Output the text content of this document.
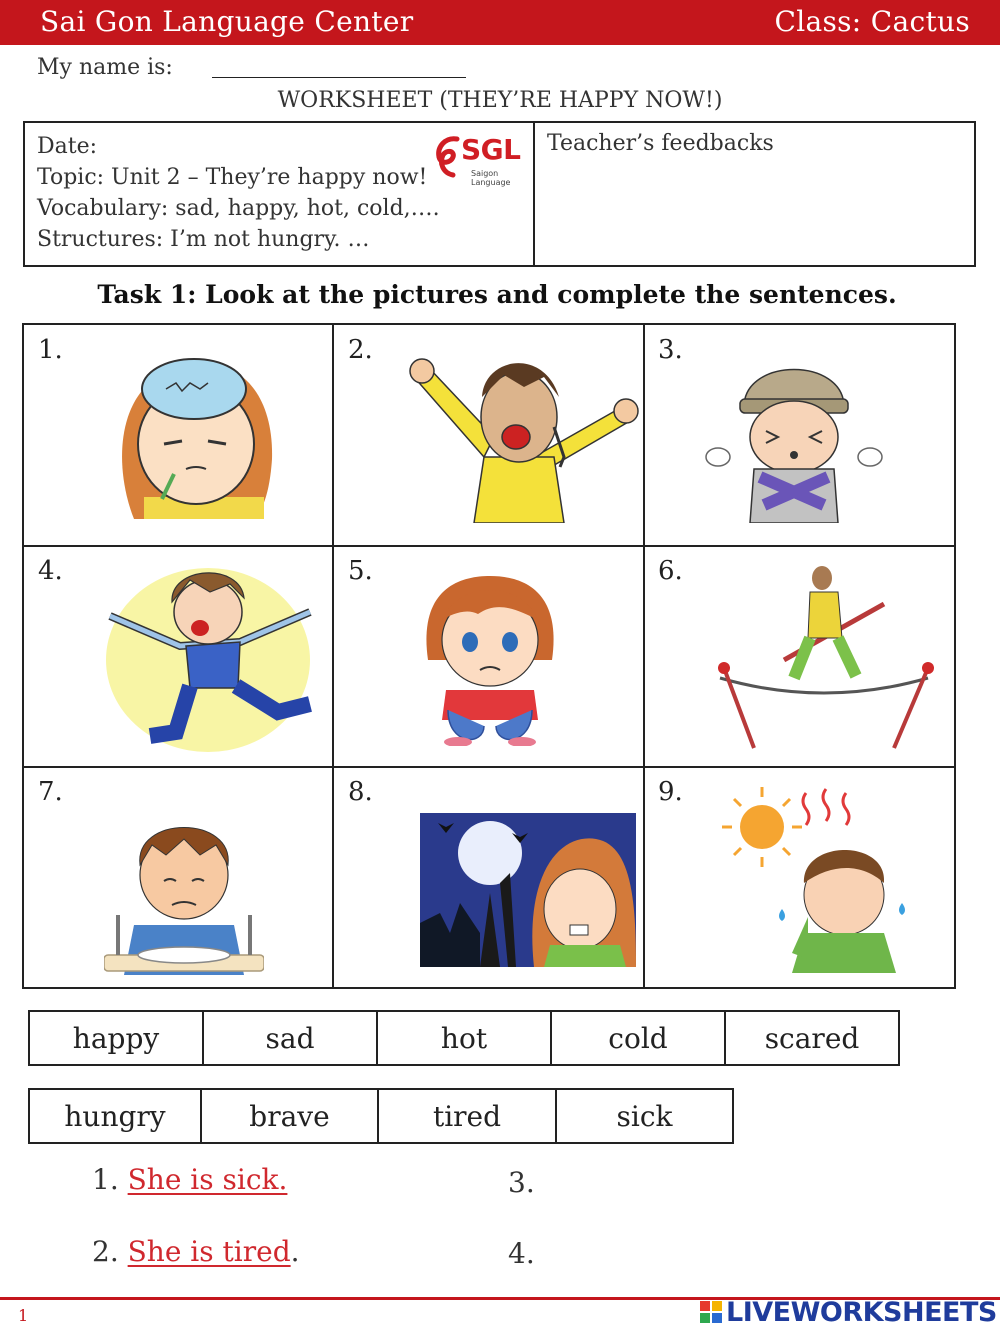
Sai Gon Language Center	Class: Cactus
My name is:
WORKSHEET (THEY’RE HAPPY NOW!)
Date:
Topic: Unit 2 – They’re happy now!
Vocabulary: sad, happy, hot, cold,….
Structures: I’m not hungry. …
SGL
Saigon Language
Teacher’s feedbacks
Task 1: Look at the pictures and complete the sentences.
1.	2.	3.
4.	5.	6.
7.	8.	9.
happy	sad	hot	cold	scared
hungry	brave	tired	sick
1. She is sick.
2. She is tired.
3.
4.
1	LIVEWORKSHEETS
